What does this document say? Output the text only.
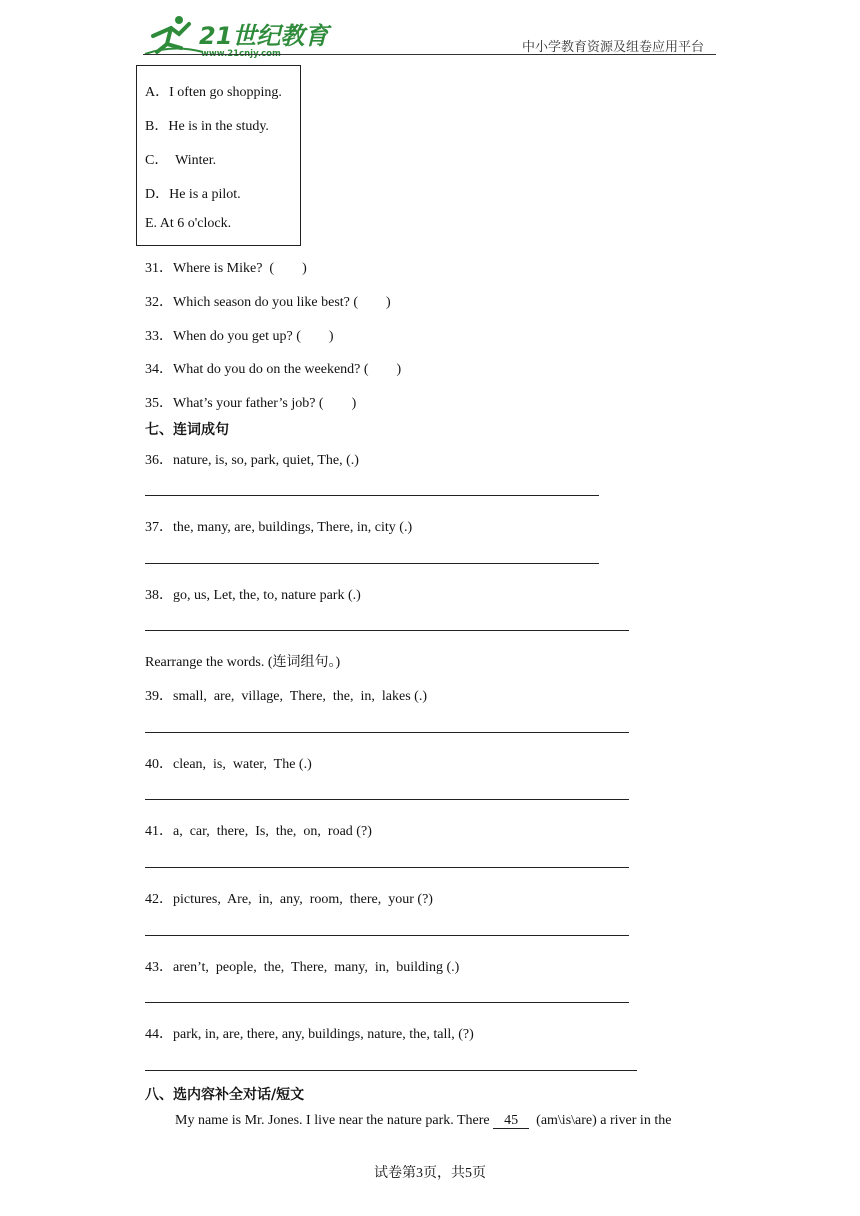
21世纪教育
www.21cnjy.com	中小学教育资源及组卷应用平台
A．I often go shopping.
B．He is in the study.
C．  Winter.
D．He is a pilot.
E. At 6 o'clock.
31．Where is Mike?  (        )
32．Which season do you like best? (        )
33．When do you get up? (        )
34．What do you do on the weekend? (        )
35．What’s your father’s job? (        )
七、连词成句
36．nature, is, so, park, quiet, The, (.)
37．the, many, are, buildings, There, in, city (.)
38．go, us, Let, the, to, nature park (.)
Rearrange the words. (连词组句。)
39．small,  are,  village,  There,  the,  in,  lakes (.)
40．clean,  is,  water,  The (.)
41．a,  car,  there,  Is,  the,  on,  road (?)
42．pictures,  Are,  in,  any,  room,  there,  your (?)
43．aren’t,  people,  the,  There,  many,  in,  building (.)
44．park, in, are, there, any, buildings, nature, the, tall, (?)
八、选内容补全对话/短文
My name is Mr. Jones. I live near the nature park. There 45  (am\is\are) a river in the
试卷第3页，共5页
